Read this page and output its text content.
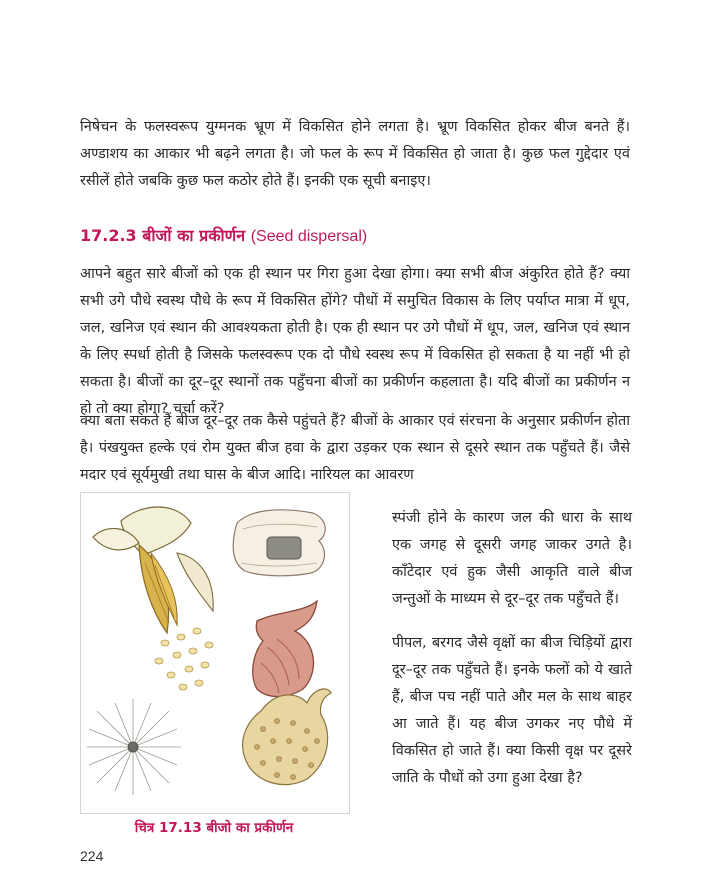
निषेचन के फलस्वरूप युग्मनक भ्रूण में विकसित होने लगता है। भ्रूण विकसित होकर बीज बनते हैं। अण्डाशय का आकार भी बढ़ने लगता है। जो फल के रूप में विकसित हो जाता है। कुछ फल गुद्देदार एवं रसीलें होते जबकि कुछ फल कठोर होते हैं। इनकी एक सूची बनाइए।

17.2.3 बीजों का प्रकीर्णन (Seed dispersal)

आपने बहुत सारे बीजों को एक ही स्थान पर गिरा हुआ देखा होगा। क्या सभी बीज अंकुरित होते हैं? क्या सभी उगे पौधे स्वस्थ पौधे के रूप में विकसित होंगे? पौधों में समुचित विकास के लिए पर्याप्त मात्रा में धूप, जल, खनिज एवं स्थान की आवश्यकता होती है। एक ही स्थान पर उगे पौधों में धूप, जल, खनिज एवं स्थान के लिए स्पर्धा होती है जिसके फलस्वरूप एक दो पौधे स्वस्थ रूप में विकसित हो सकता है या नहीं भी हो सकता है। बीजों का दूर–दूर स्थानों तक पहुँचना बीजों का प्रकीर्णन कहलाता है। यदि बीजों का प्रकीर्णन न हो तो क्या होगा? चर्चा करें?

क्या बता सकते हैं बीज दूर–दूर तक कैसे पहुंचते हैं? बीजों के आकार एवं संरचना के अनुसार प्रकीर्णन होता है। पंखयुक्त हल्के एवं रोम युक्त बीज हवा के द्वारा उड़कर एक स्थान से दूसरे स्थान तक पहुँचते हैं। जैसे मदार एवं सूर्यमुखी तथा घास के बीज आदि। नारियल का आवरण

चित्र 17.13 बीजो का प्रकीर्णन

स्पंजी होने के कारण जल की धारा के साथ एक जगह से दूसरी जगह जाकर उगते है। काँटेदार एवं हुक जैसी आकृति वाले बीज जन्तुओं के माध्यम से दूर–दूर तक पहुँचते हैं।

पीपल, बरगद जैसे वृक्षों का बीज चिड़ियों द्वारा दूर–दूर तक पहुँचते हैं। इनके फलों को ये खाते हैं, बीज पच नहीं पाते और मल के साथ बाहर आ जाते हैं। यह बीज उगकर नए पौधे में विकसित हो जाते हैं। क्या किसी वृक्ष पर दूसरे जाति के पौधों को उगा हुआ देखा है?

224
